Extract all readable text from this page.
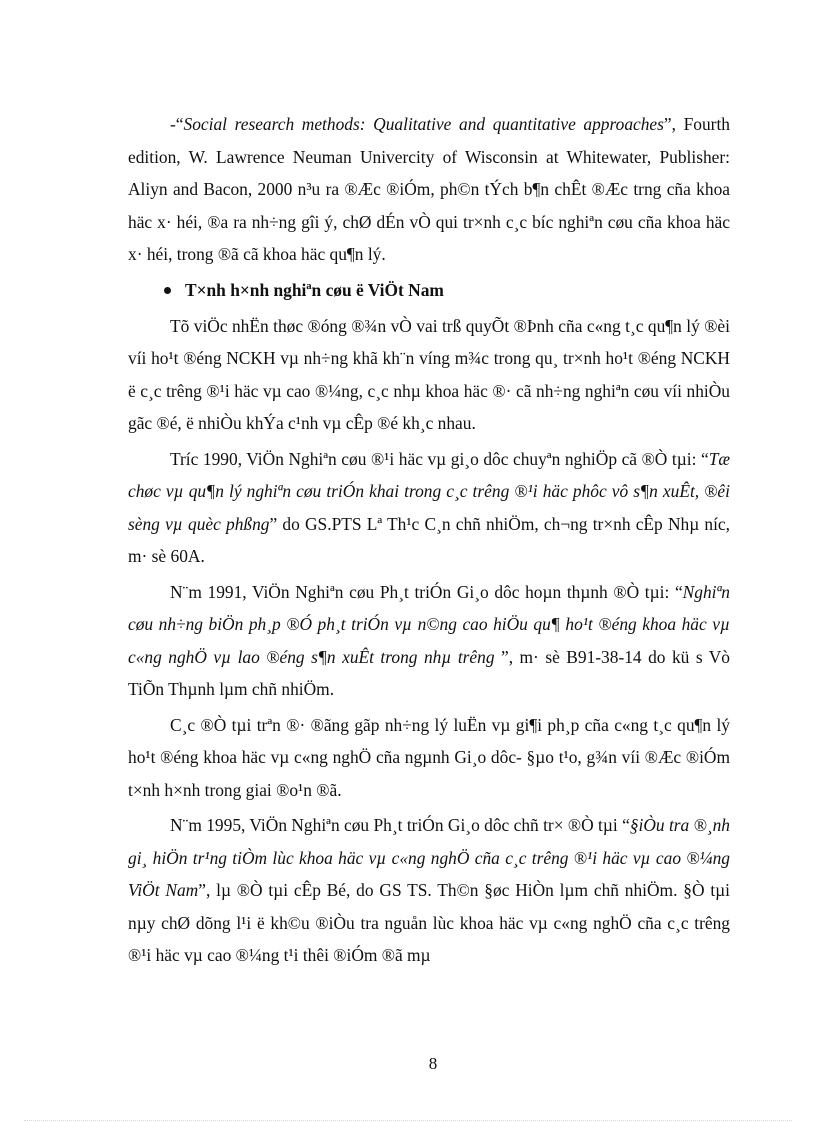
-“Social research methods: Qualitative and quantitative approaches”, Fourth edition, W. Lawrence Neuman Univercity of Wisconsin at Whitewater, Publisher: Aliyn and Bacon, 2000 n³u ra ®Æc ®iÓm, ph©n tÝch b¶n chÊt ®Æc trng cña khoa häc x· héi, ®a ra nh÷ng gîi ý, chØ dÉn vÒ qui tr×nh c¸c bíc nghiªn cøu cña khoa häc x· héi, trong ®ã cã khoa häc qu¶n lý.

T×nh h×nh nghiªn cøu ë ViÖt Nam

Tõ viÖc nhËn thøc ®óng ®¾n vÒ vai trß quyÕt ®Þnh cña c«ng t¸c qu¶n lý ®èi víi ho¹t ®éng NCKH vµ nh÷ng khã kh¨n víng m¾c trong qu¸ tr×nh ho¹t ®éng NCKH ë c¸c trêng ®¹i häc vµ cao ®¼ng, c¸c nhµ khoa häc ®· cã nh÷ng nghiªn cøu víi nhiÒu gãc ®é, ë nhiÒu khÝa c¹nh vµ cÊp ®é kh¸c nhau.

Tríc 1990, ViÖn Nghiªn cøu ®¹i häc vµ gi¸o dôc chuyªn nghiÖp cã ®Ò tµi: “Tæ chøc vµ qu¶n lý nghiªn cøu triÓn khai trong c¸c trêng ®¹i häc phôc vô s¶n xuÊt, ®êi sèng vµ quèc phßng” do GS.PTS Lª Th¹c C¸n chñ nhiÖm, ch¬ng tr×nh cÊp Nhµ níc, m· sè 60A.

N¨m 1991, ViÖn Nghiªn cøu Ph¸t triÓn Gi¸o dôc hoµn thµnh ®Ò tµi: “Nghiªn cøu nh÷ng biÖn ph¸p ®Ó ph¸t triÓn vµ n©ng cao hiÖu qu¶ ho¹t ®éng khoa häc vµ c«ng nghÖ vµ lao ®éng s¶n xuÊt trong nhµ trêng ”, m· sè B91-38-14 do kü s Vò TiÕn Thµnh lµm chñ nhiÖm.

C¸c ®Ò tµi trªn ®· ®ãng gãp nh÷ng lý luËn vµ gi¶i ph¸p cña c«ng t¸c qu¶n lý ho¹t ®éng khoa häc vµ c«ng nghÖ cña ngµnh Gi¸o dôc- §µo t¹o, g¾n víi ®Æc ®iÓm t×nh h×nh trong giai ®o¹n ®ã.

N¨m 1995, ViÖn Nghiªn cøu Ph¸t triÓn Gi¸o dôc chñ tr× ®Ò tµi “§iÒu tra ®¸nh gi¸ hiÖn tr¹ng tiÒm lùc khoa häc vµ c«ng nghÖ cña c¸c trêng ®¹i häc vµ cao ®¼ng ViÖt Nam”, lµ ®Ò tµi cÊp Bé, do GS TS. Th©n §øc HiÒn lµm chñ nhiÖm. §Ò tµi nµy chØ dõng l¹i ë kh©u ®iÒu tra nguån lùc khoa häc vµ c«ng nghÖ cña c¸c trêng ®¹i häc vµ cao ®¼ng t¹i thêi ®iÓm ®ã mµ

8
